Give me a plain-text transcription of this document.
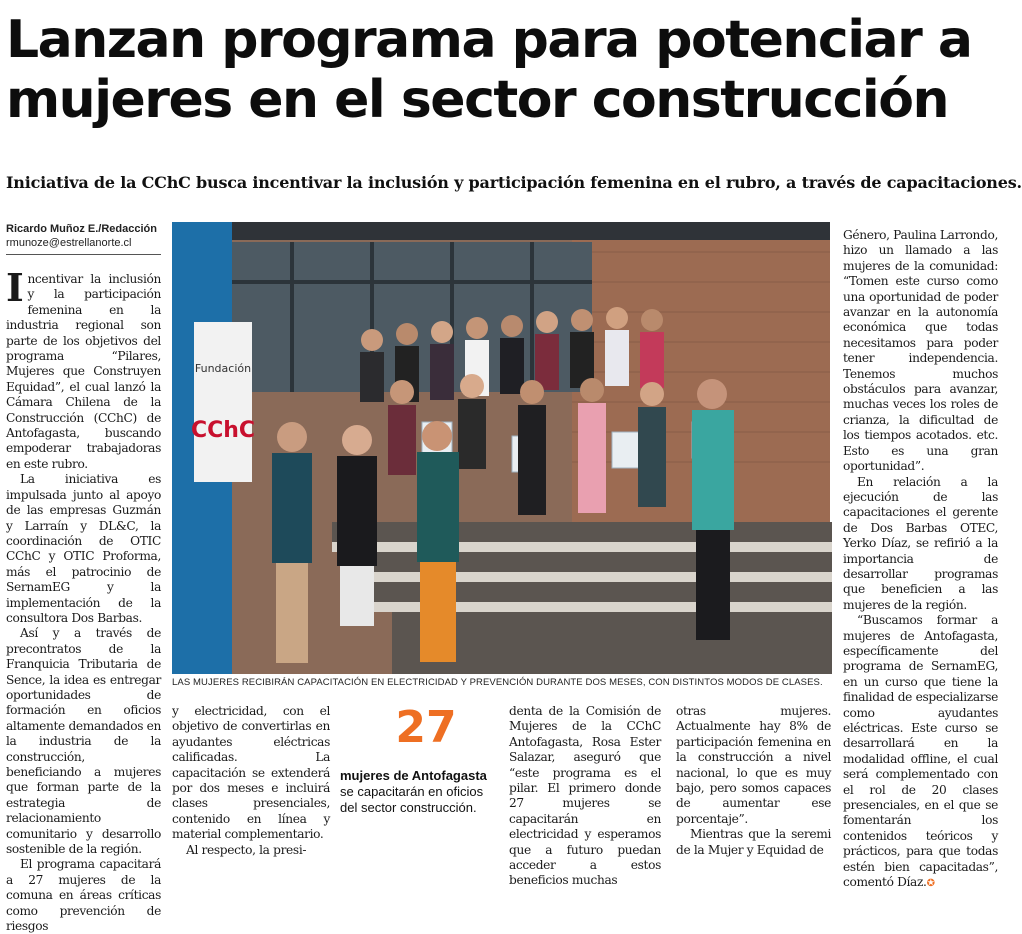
Lanzan programa para potenciar a mujeres en el sector construcción

Iniciativa de la CChC busca incentivar la inclusión y participación femenina en el rubro, a través de capacitaciones.

Ricardo Muñoz E./Redacción
rmunoze@estrellanorte.cl

Incentivar la inclusión y la participación femenina en la industria regional son parte de los objetivos del programa “Pilares, Mujeres que Construyen Equidad”, el cual lanzó la Cámara Chilena de la Construcción (CChC) de Antofagasta, buscando empoderar trabajadoras en este rubro.

La iniciativa es impulsada junto al apoyo de las empresas Guzmán y Larraín y DL&C, la coordinación de OTIC CChC y OTIC Proforma, más el patrocinio de SernamEG y la implementación de la consultora Dos Barbas.

Así y a través de precontratos de la Franquicia Tributaria de Sence, la idea es entregar oportunidades de formación en oficios altamente demandados en la industria de la construcción, beneficiando a mujeres que forman parte de la estrategia de relacionamiento comunitario y desarrollo sostenible de la región.

El programa capacitará a 27 mujeres de la comuna en áreas críticas como prevención de riesgos

Fundación
CChC
LAS MUJERES RECIBIRÁN CAPACITACIÓN EN ELECTRICIDAD Y PREVENCIÓN DURANTE DOS MESES, CON DISTINTOS MODOS DE CLASES.

y electricidad, con el objetivo de convertirlas en ayudantes eléctricas calificadas. La capacitación se extenderá por dos meses e incluirá clases presenciales, contenido en línea y material complementario.

Al respecto, la presi-

27

mujeres de Antofagasta se capacitarán en oficios del sector construcción.

denta de la Comisión de Mujeres de la CChC Antofagasta, Rosa Ester Salazar, aseguró que “este programa es el pilar. El primero donde 27 mujeres se capacitarán en electricidad y esperamos que a futuro puedan acceder a estos beneficios muchas

otras mujeres. Actualmente hay 8% de participación femenina en la construcción a nivel nacional, lo que es muy bajo, pero somos capaces de aumentar ese porcentaje”.

Mientras que la seremi de la Mujer y Equidad de

Género, Paulina Larrondo, hizo un llamado a las mujeres de la comunidad: “Tomen este curso como una oportunidad de poder avanzar en la autonomía económica que todas necesitamos para poder tener independencia. Tenemos muchos obstáculos para avanzar, muchas veces los roles de crianza, la dificultad de los tiempos acotados. etc. Esto es una gran oportunidad”.

En relación a la ejecución de las capacitaciones el gerente de Dos Barbas OTEC, Yerko Díaz, se refirió a la importancia de desarrollar programas que beneficien a las mujeres de la región.

“Buscamos formar a mujeres de Antofagasta, específicamente del programa de SernamEG, en un curso que tiene la finalidad de especializarse como ayudantes eléctricas. Este curso se desarrollará en la modalidad offline, el cual será complementado con el rol de 20 clases presenciales, en el que se fomentarán los contenidos teóricos y prácticos, para que todas estén bien capacitadas”, comentó Díaz.✪
